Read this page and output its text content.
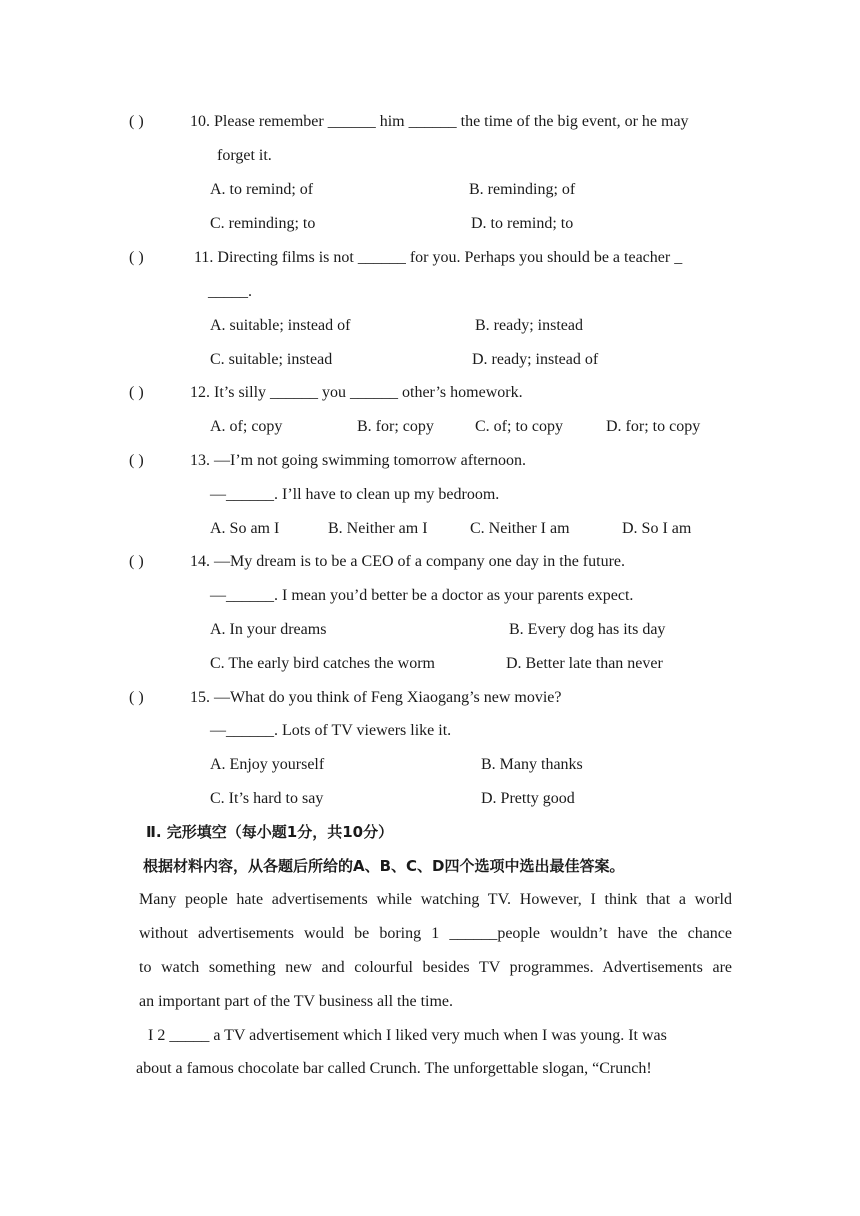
( )	10. Please remember ______ him ______ the time of the big event, or he may
forget it.
A. to remind; of	B. reminding; of
C. reminding; to	D. to remind; to
( )	11. Directing films is not ______ for you. Perhaps you should be a teacher _
_____.
A. suitable; instead of	B. ready; instead
C. suitable; instead	D. ready; instead of
( )	12. It’s silly ______ you ______ other’s homework.
A. of; copy	B. for; copy	C. of; to copy	D. for; to copy
( )	13. —I’m not going swimming tomorrow afternoon.
—______. I’ll have to clean up my bedroom.
A. So am I	B. Neither am I	C. Neither I am	D. So I am
( )	14. —My dream is to be a CEO of a company one day in the future.
—______. I mean you’d better be a doctor as your parents expect.
A. In your dreams	B. Every dog has its day
C. The early bird catches the worm	D. Better late than never
( )	15. —What do you think of Feng Xiaogang’s new movie?
—______. Lots of TV viewers like it.
A. Enjoy yourself	B. Many thanks
C. It’s hard to say	D. Pretty good
Ⅱ. 完形填空（每小题1分，共10分）
根据材料内容，从各题后所给的A、B、C、D四个选项中选出最佳答案。
Many people hate advertisements while watching TV. However, I think that a world
without advertisements would be boring 1 ______people wouldn’t have the chance
to watch something new and colourful besides TV programmes. Advertisements are
an important part of the TV business all the time.
I 2 _____ a TV advertisement which I liked very much when I was young. It was
about a famous chocolate bar called Crunch. The unforgettable slogan, “Crunch!
